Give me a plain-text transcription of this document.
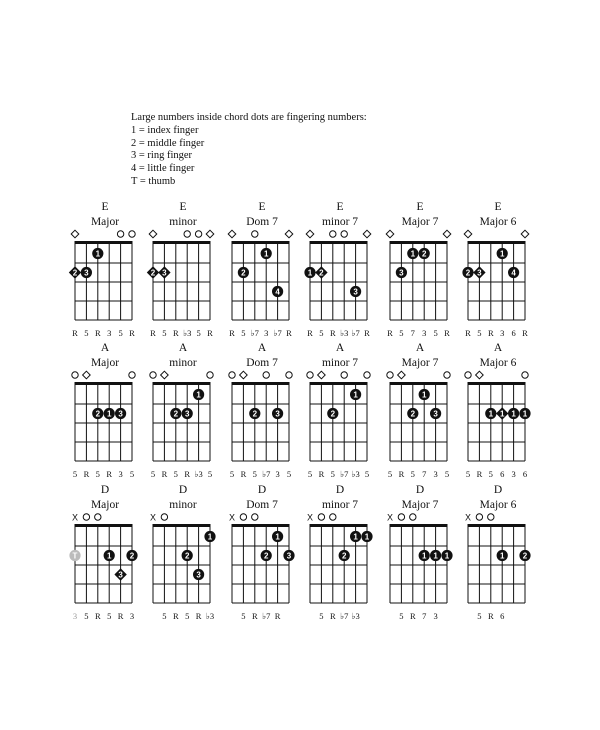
Large numbers inside chord dots are fingering numbers:
1 = index finger
2 = middle finger
3 = ring finger
4 = little finger
T = thumb
E
Major
1
2 3
R 5 R 3 5 R
E
minor
2 3
R 5 R ♭3 5 R
E
Dom 7
1
2
4
R 5 ♭7 3 ♭7 R
E
minor 7
1 2
3
R 5 R ♭3 ♭7 R
E
Major 7
1 2
3
R 5 7 3 5 R
E
Major 6
1
2 3	4
R 5 R 3 6 R
A
Major
2 1 3
5 R 5 R 3 5
A
minor
1
2 3
5 R 5 R ♭3 5
A
Dom 7
2 3
5 R 5 ♭7 3 5
A
minor 7
1
2
5 R 5 ♭7 ♭3 5
A
Major 7
1
2 3
5 R 5 7 3 5
A
Major 6
1 1 1 1
5 R 5 6 3 6
D
Major
X
T	1 2
3
3 5 R 5 R 3
D
minor
X
1
2
3
5 R 5 R ♭3
D
Dom 7
X
1
2 3
5 R ♭7 R
D
minor 7
X
1 1
2
5 R ♭7 ♭3
D
Major 7
X
1 1 1
5 R 7 3
D
Major 6
X
1 2
5 R 6
